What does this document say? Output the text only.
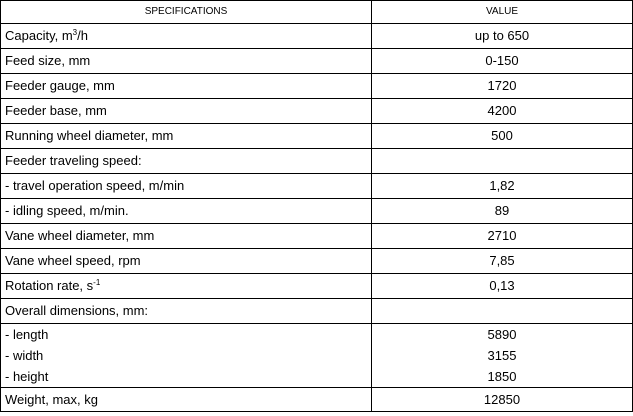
SPECIFICATIONS	VALUE
Capacity, $m^3/h$	up to 650
Feed size, mm	0-150
Feeder gauge, mm	1720
Feeder base, mm	4200
Running wheel diameter, mm	500
Feeder traveling speed:	
- travel operation speed, m/min	1,82
- idling speed, m/min.	89
Vane wheel diameter, mm	2710
Vane wheel speed, rpm	7,85
Rotation rate, $s^{-1}$	0,13
Overall dimensions, mm:	
- length	5890
- width	3155
- height	1850
Weight, max, kg	12850
